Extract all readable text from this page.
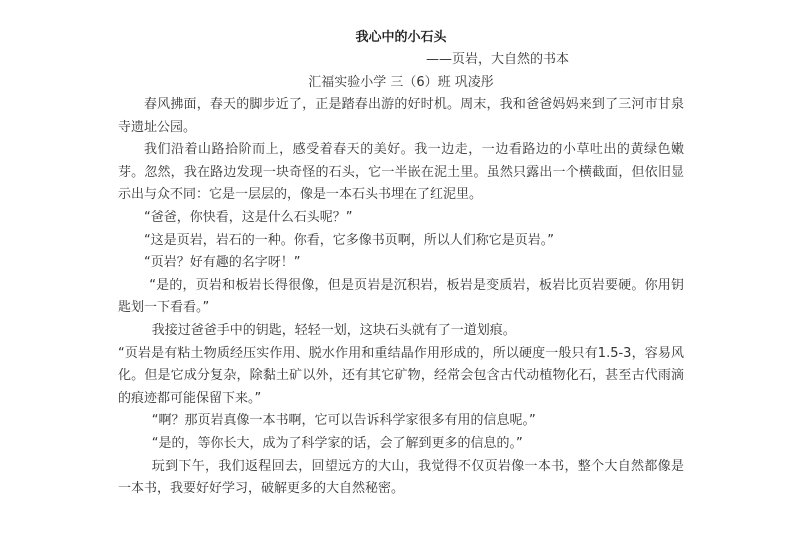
我心中的小石头
——页岩，大自然的书本
汇福实验小学 三（6）班 巩凌彤

春风拂面，春天的脚步近了，正是踏春出游的好时机。周末，我和爸爸妈妈来到了三河市甘泉寺遗址公园。

我们沿着山路拾阶而上，感受着春天的美好。我一边走，一边看路边的小草吐出的黄绿色嫩芽。忽然，我在路边发现一块奇怪的石头，它一半嵌在泥土里。虽然只露出一个横截面，但依旧显示出与众不同：它是一层层的，像是一本石头书埋在了红泥里。

“爸爸，你快看，这是什么石头呢？”

“这是页岩，岩石的一种。你看，它多像书页啊，所以人们称它是页岩。”

“页岩？好有趣的名字呀！”

“是的，页岩和板岩长得很像，但是页岩是沉积岩，板岩是变质岩，板岩比页岩要硬。你用钥匙划一下看看。”

我接过爸爸手中的钥匙，轻轻一划，这块石头就有了一道划痕。

“页岩是有粘土物质经压实作用、脱水作用和重结晶作用形成的，所以硬度一般只有1.5-3，容易风化。但是它成分复杂，除黏土矿以外，还有其它矿物，经常会包含古代动植物化石，甚至古代雨滴的痕迹都可能保留下来。”

“啊？那页岩真像一本书啊，它可以告诉科学家很多有用的信息呢。”

“是的，等你长大，成为了科学家的话，会了解到更多的信息的。”

玩到下午，我们返程回去，回望远方的大山，我觉得不仅页岩像一本书，整个大自然都像是一本书，我要好好学习，破解更多的大自然秘密。
